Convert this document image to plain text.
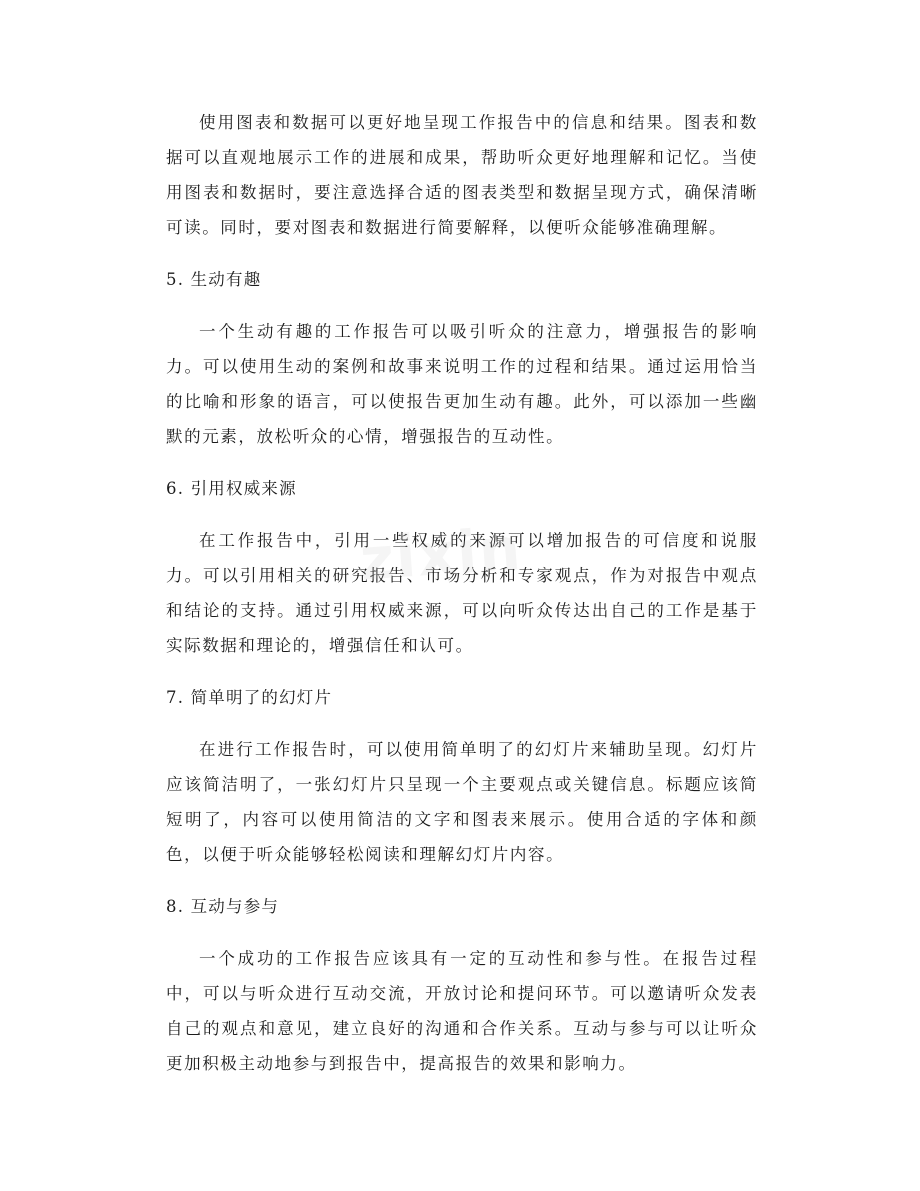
使用图表和数据可以更好地呈现工作报告中的信息和结果。图表和数据可以直观地展示工作的进展和成果，帮助听众更好地理解和记忆。当使用图表和数据时，要注意选择合适的图表类型和数据呈现方式，确保清晰可读。同时，要对图表和数据进行简要解释，以便听众能够准确理解。

5. 生动有趣

一个生动有趣的工作报告可以吸引听众的注意力，增强报告的影响力。可以使用生动的案例和故事来说明工作的过程和结果。通过运用恰当的比喻和形象的语言，可以使报告更加生动有趣。此外，可以添加一些幽默的元素，放松听众的心情，增强报告的互动性。

6. 引用权威来源

在工作报告中，引用一些权威的来源可以增加报告的可信度和说服力。可以引用相关的研究报告、市场分析和专家观点，作为对报告中观点和结论的支持。通过引用权威来源，可以向听众传达出自己的工作是基于实际数据和理论的，增强信任和认可。

7. 简单明了的幻灯片

在进行工作报告时，可以使用简单明了的幻灯片来辅助呈现。幻灯片应该简洁明了，一张幻灯片只呈现一个主要观点或关键信息。标题应该简短明了，内容可以使用简洁的文字和图表来展示。使用合适的字体和颜色，以便于听众能够轻松阅读和理解幻灯片内容。

8. 互动与参与

一个成功的工作报告应该具有一定的互动性和参与性。在报告过程中，可以与听众进行互动交流，开放讨论和提问环节。可以邀请听众发表自己的观点和意见，建立良好的沟通和合作关系。互动与参与可以让听众更加积极主动地参与到报告中，提高报告的效果和影响力。

zixin
